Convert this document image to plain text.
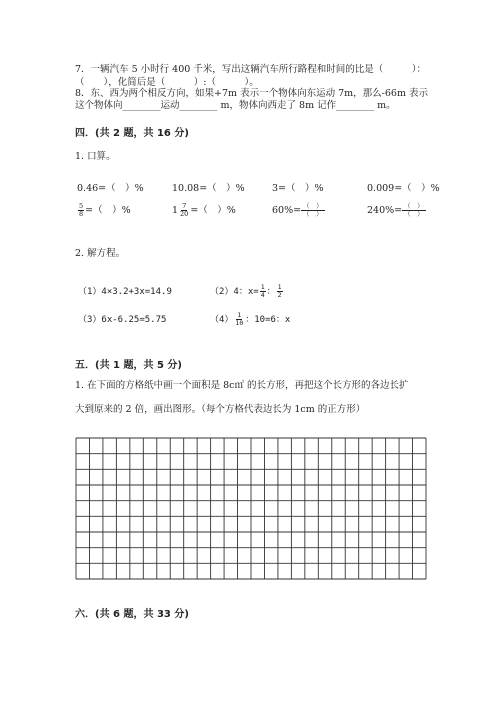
7．一辆汽车 5 小时行 400 千米，写出这辆汽车所行路程和时间的比是（　　　）：
（　　），化简后是（　　　）:（　　　）。
8．东、西为两个相反方向，如果+7m 表示一个物体向东运动 7m，那么-66m 表示
这个物体向________运动________ m，物体向西走了 8m 记作________ m。
四．(共 2 题，共 16 分)
1. 口算。
0.46=（　）%	10.08=（　）%	3=（　）%	0.009=（　）%
$\frac{5}{8}$ =（　）%	$1 \frac{7}{20}$ =（　）%	$60\%= \frac{( )}{( )}$	$240\%= \frac{( )}{( )}$
2. 解方程。
（1）4×3.2+3x=14.9	（2）4：$x= \frac{1}{4}$ ： $\frac{1}{2}$
（3）6x-6.25=5.75	$(4) \frac{1}{10}$ ：10=6：x
五．(共 1 题，共 5 分)
1. 在下面的方格纸中画一个面积是 8c㎡ 的长方形，再把这个长方形的各边长扩
大到原来的 2 倍，画出图形。（每个方格代表边长为 1cm 的正方形）
六．(共 6 题，共 33 分)
